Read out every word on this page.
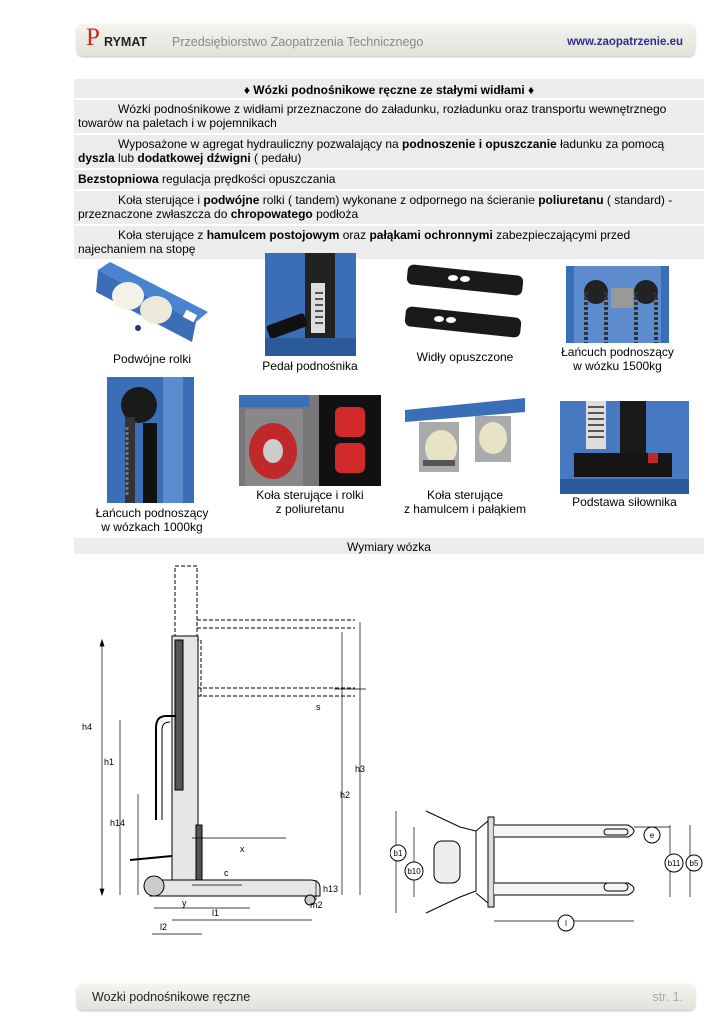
P RYMAT Przedsiębiorstwo Zaopatrzenia Technicznego	www.zaopatrzenie.eu
♦ Wózki podnośnikowe ręczne ze stałymi widłami ♦
Wózki podnośnikowe z widłami przeznaczone do załadunku, rozładunku oraz transportu wewnętrznego towarów na paletach i w pojemnikach
Wyposażone w agregat hydrauliczny pozwalający na podnoszenie i opuszczanie ładunku za pomocą dyszla lub dodatkowej dźwigni ( pedału)
Bezstopniowa regulacja prędkości opuszczania
Koła sterujące i podwójne rolki ( tandem) wykonane z odpornego na ścieranie poliuretanu ( standard) - przeznaczone zwłaszcza do chropowatego podłoża
Koła sterujące z hamulcem postojowym oraz pałąkami ochronnymi zabezpieczającymi przed najechaniem na stopę
Podwójne rolki	Pedał podnośnika
Widły opuszczone	Łańcuch podnoszący
w wózku 1500kg
Łańcuch podnoszący
w wózkach 1000kg
Koła sterujące i rolki
z poliuretanu
Koła sterujące
z hamulcem i pałąkiem	Podstawa siłownika
Wymiary wózka
h4
h1
h14
h3
h2
h13
m2
x
c
y
l1
l2
s
b1
b10
e
b11 b5
l
Wozki podnośnikowe ręczne	str. 1.
